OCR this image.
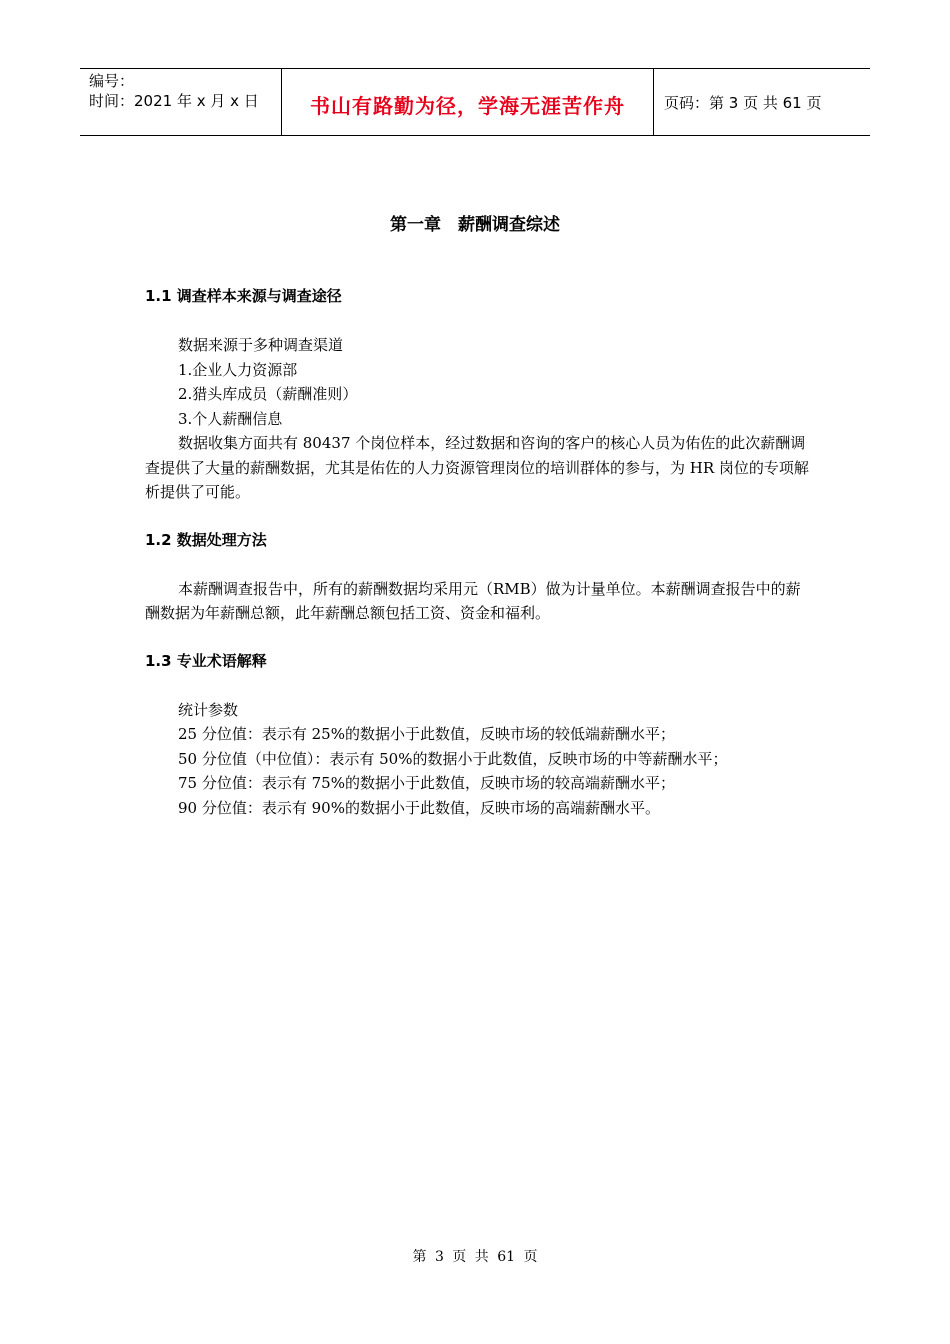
编号：
时间：2021 年 x 月 x 日	书山有路勤为径，学海无涯苦作舟	页码：第 3 页 共 61 页
第一章　薪酬调查综述
1.1 调查样本来源与调查途径

数据来源于多种调查渠道

1.企业人力资源部

2.猎头库成员（薪酬准则）

3.个人薪酬信息

数据收集方面共有 80437 个岗位样本，经过数据和咨询的客户的核心人员为佑佐的此次薪酬调查提供了大量的薪酬数据，尤其是佑佐的人力资源管理岗位的培训群体的参与，为 HR 岗位的专项解析提供了可能。

1.2 数据处理方法

本薪酬调查报告中，所有的薪酬数据均采用元（RMB）做为计量单位。本薪酬调查报告中的薪酬数据为年薪酬总额，此年薪酬总额包括工资、资金和福利。

1.3 专业术语解释

统计参数

25 分位值：表示有 25%的数据小于此数值，反映市场的较低端薪酬水平；

50 分位值（中位值）：表示有 50%的数据小于此数值，反映市场的中等薪酬水平；

75 分位值：表示有 75%的数据小于此数值，反映市场的较高端薪酬水平；

90 分位值：表示有 90%的数据小于此数值，反映市场的高端薪酬水平。

第 3 页 共 61 页
